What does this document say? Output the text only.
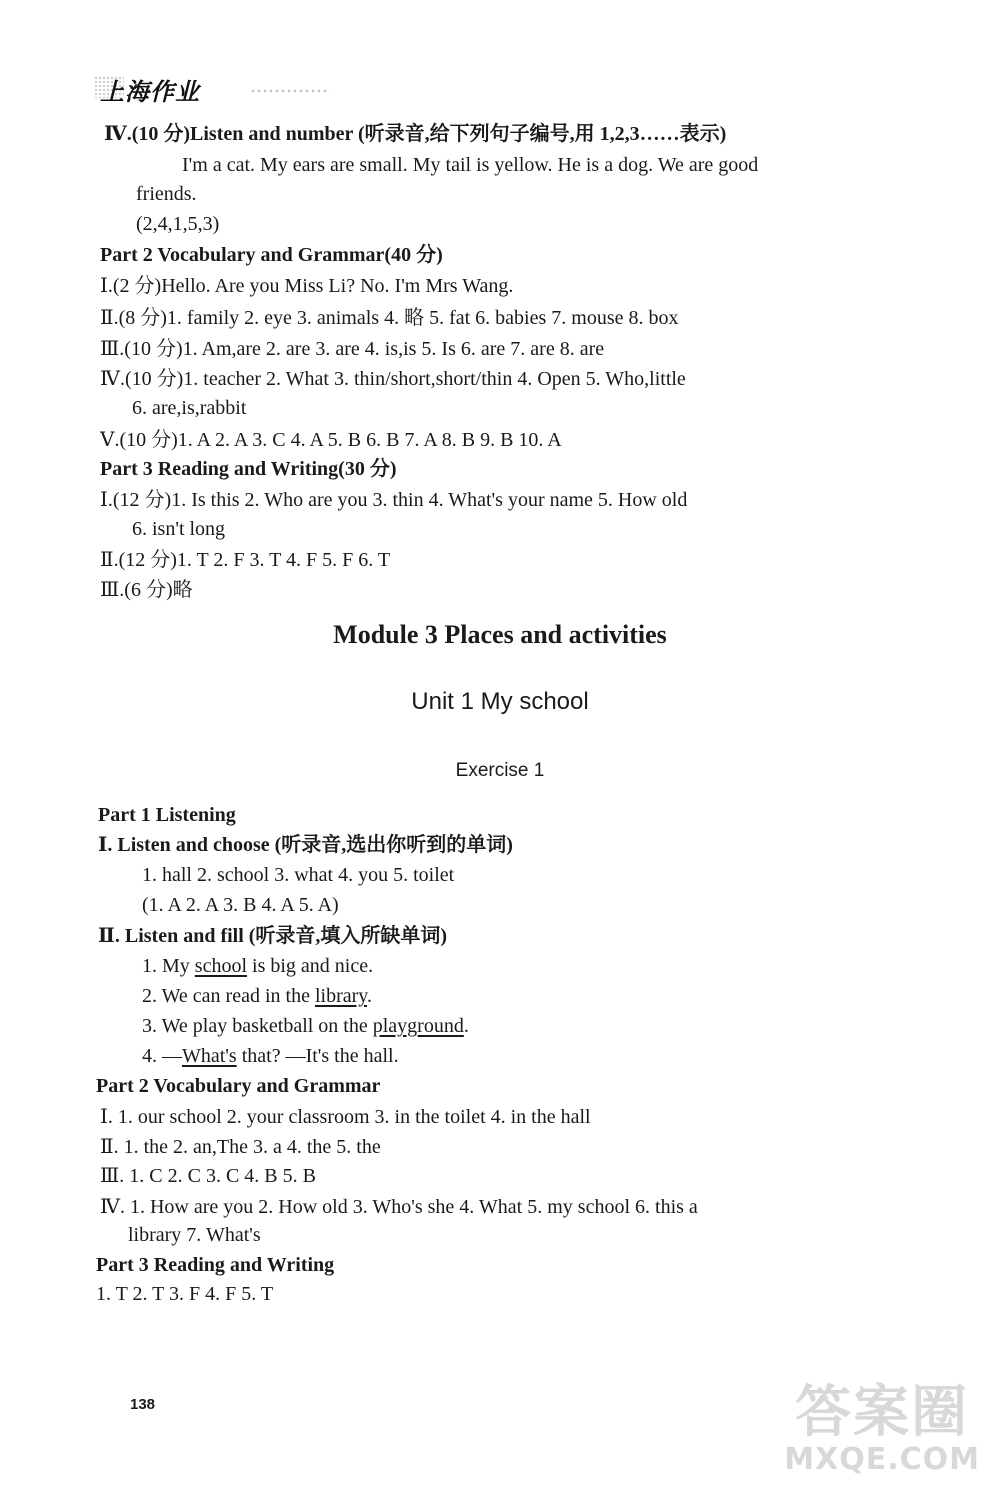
上海作业
Ⅳ.(10 分)Listen and number (听录音,给下列句子编号,用 1,2,3……表示)
I'm a cat. My ears are small. My tail is yellow. He is a dog. We are good
friends.
(2,4,1,5,3)
Part 2 Vocabulary and Grammar(40 分)
Ⅰ.(2 分)Hello. Are you Miss Li? No. I'm Mrs Wang.
Ⅱ.(8 分)1. family 2. eye 3. animals 4. 略 5. fat 6. babies 7. mouse 8. box
Ⅲ.(10 分)1. Am,are 2. are 3. are 4. is,is 5. Is 6. are 7. are 8. are
Ⅳ.(10 分)1. teacher 2. What 3. thin/short,short/thin 4. Open 5. Who,little
6. are,is,rabbit
Ⅴ.(10 分)1. A 2. A 3. C 4. A 5. B 6. B 7. A 8. B 9. B 10. A
Part 3 Reading and Writing(30 分)
Ⅰ.(12 分)1. Is this 2. Who are you 3. thin 4. What's your name 5. How old
6. isn't long
Ⅱ.(12 分)1. T 2. F 3. T 4. F 5. F 6. T
Ⅲ.(6 分)略
Module 3 Places and activities
Unit 1 My school
Exercise 1
Part 1 Listening
Ⅰ. Listen and choose (听录音,选出你听到的单词)
1. hall 2. school 3. what 4. you 5. toilet
(1. A 2. A 3. B 4. A 5. A)
Ⅱ. Listen and fill (听录音,填入所缺单词)
1. My school is big and nice.
2. We can read in the library.
3. We play basketball on the playground.
4. —What's that? —It's the hall.
Part 2 Vocabulary and Grammar
Ⅰ. 1. our school 2. your classroom 3. in the toilet 4. in the hall
Ⅱ. 1. the 2. an,The 3. a 4. the 5. the
Ⅲ. 1. C 2. C 3. C 4. B 5. B
Ⅳ. 1. How are you 2. How old 3. Who's she 4. What 5. my school 6. this a
library 7. What's
Part 3 Reading and Writing
1. T 2. T 3. F 4. F 5. T
138	答案圈
MXQE.COM
